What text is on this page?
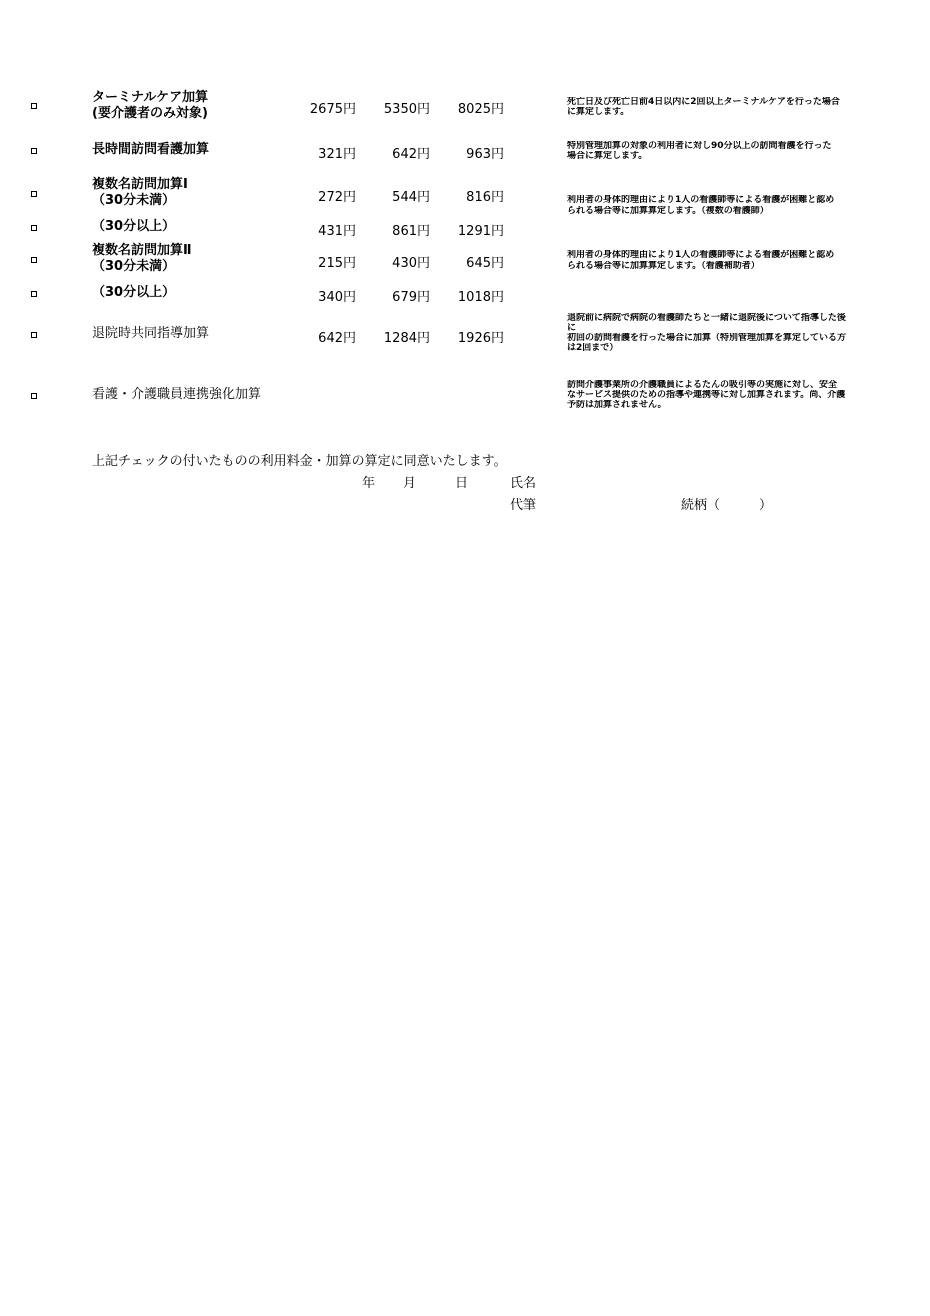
ターミナルケア加算
(要介護者のみ対象)	2675円	5350円	8025円	死亡日及び死亡日前4日以内に2回以上ターミナルケアを行った場合
に算定します。
長時間訪問看護加算	321円	642円	963円
特別管理加算の対象の利用者に対し90分以上の訪問看護を行った
場合に算定します。
複数名訪問加算Ⅰ
（30分未満）	272円	544円	816円	利用者の身体的理由により1人の看護師等による看護が困難と認め
られる場合等に加算算定します。（複数の看護師）
（30分以上）	431円	861円	1291円
複数名訪問加算Ⅱ
（30分未満）	215円	430円	645円
利用者の身体的理由により1人の看護師等による看護が困難と認め
られる場合等に加算算定します。（看護補助者）
（30分以上）	340円	679円	1018円
退院時共同指導加算	642円	1284円	1926円
退院前に病院で病院の看護師たちと一緒に退院後について指導した後
に
初回の訪問看護を行った場合に加算（特別管理加算を算定している方
は2回まで）
看護・介護職員連携強化加算
訪問介護事業所の介護職員によるたんの吸引等の実施に対し、安全
なサービス提供のための指導や連携等に対し加算されます。尚、介護
予防は加算されません。
上記チェックの付いたものの利用料金・加算の算定に同意いたします。
年 月	日	氏名
代筆	続柄（	）
